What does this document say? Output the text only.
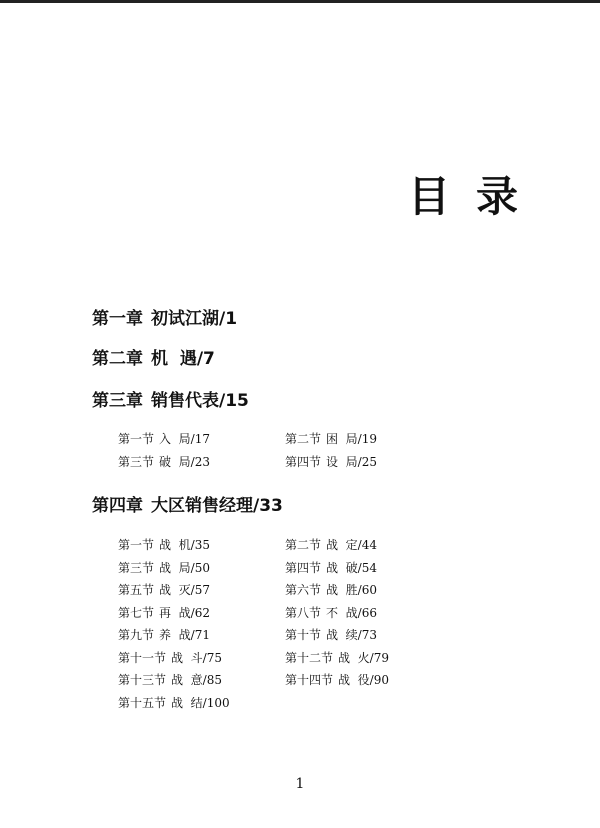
目录
第一章 初试江湖/1
第二章 机  遇/7
第三章 销售代表/15
第一节 入  局/17	第二节 困  局/19
第三节 破  局/23	第四节 设  局/25
第四章 大区销售经理/33
第一节 战  机/35	第二节 战  定/44
第三节 战  局/50	第四节 战  破/54
第五节 战  灭/57	第六节 战  胜/60
第七节 再  战/62	第八节 不  战/66
第九节 养  战/71	第十节 战  续/73
第十一节 战  斗/75	第十二节 战  火/79
第十三节 战  意/85	第十四节 战  役/90
第十五节 战  结/100
1
